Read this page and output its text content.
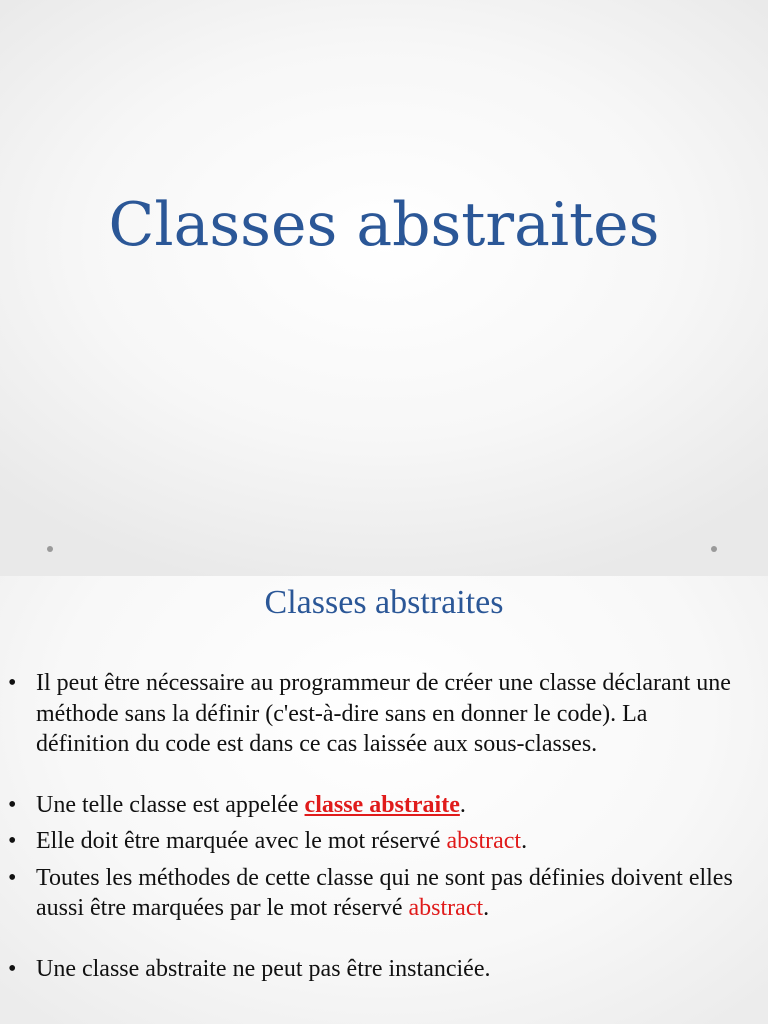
Classes abstraites
Classes abstraites
• Il peut être nécessaire au programmeur de créer une classe déclarant une méthode sans la définir (c'est-à-dire sans en donner le code). La définition du code est dans ce cas laissée aux sous-classes.
• Une telle classe est appelée classe abstraite.
• Elle doit être marquée avec le mot réservé abstract.
• Toutes les méthodes de cette classe qui ne sont pas définies doivent elles aussi être marquées par le mot réservé abstract.
• Une classe abstraite ne peut pas être instanciée.
